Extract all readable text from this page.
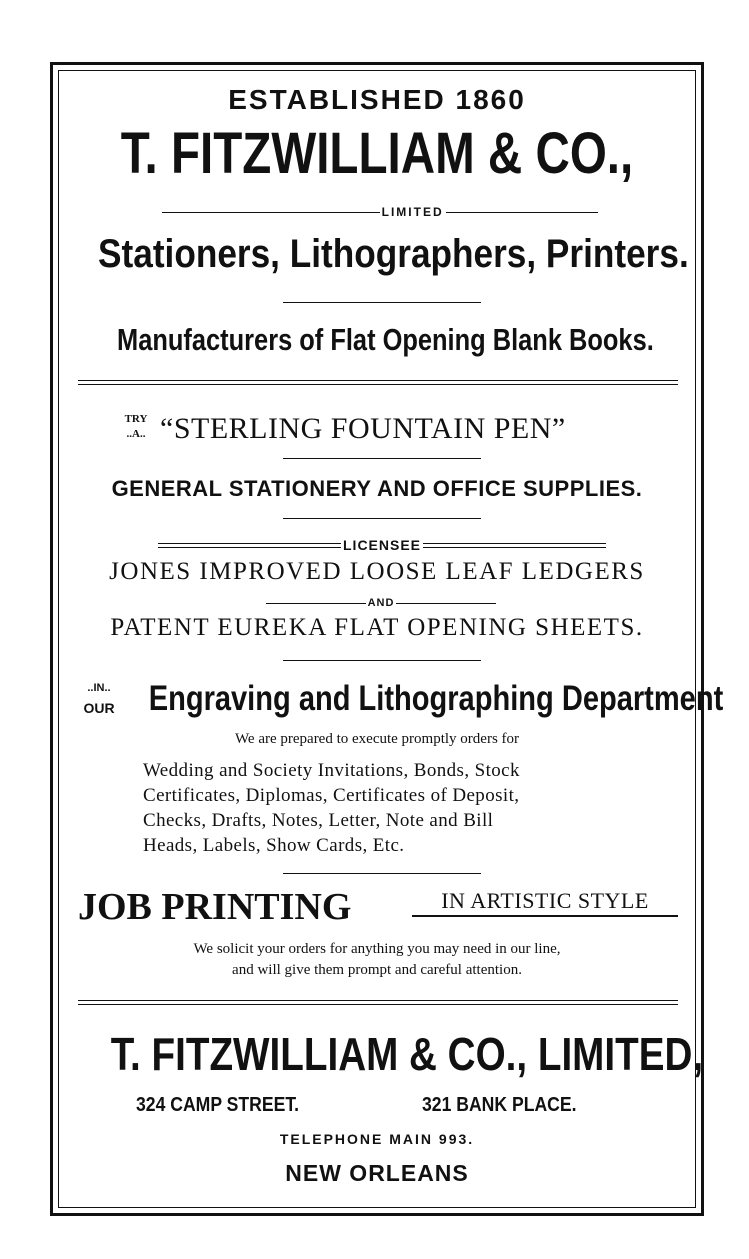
ESTABLISHED 1860
T. FITZWILLIAM & CO.,
LIMITED
Stationers, Lithographers, Printers.
Manufacturers of Flat Opening Blank Books.
TRY
..A.. “STERLING FOUNTAIN PEN”
GENERAL STATIONERY AND OFFICE SUPPLIES.
LICENSEE
JONES IMPROVED LOOSE LEAF LEDGERS
AND
PATENT EUREKA FLAT OPENING SHEETS.
..IN..
OUR Engraving and Lithographing Department
We are prepared to execute promptly orders for
Wedding and Society Invitations, Bonds, Stock
Certificates, Diplomas, Certificates of Deposit,
Checks, Drafts, Notes, Letter, Note and Bill
Heads, Labels, Show Cards, Etc.
JOB PRINTING	IN ARTISTIC STYLE
We solicit your orders for anything you may need in our line,
and will give them prompt and careful attention.
T. FITZWILLIAM & CO., LIMITED,
324 CAMP STREET.	321 BANK PLACE.
TELEPHONE MAIN 993.
NEW ORLEANS
